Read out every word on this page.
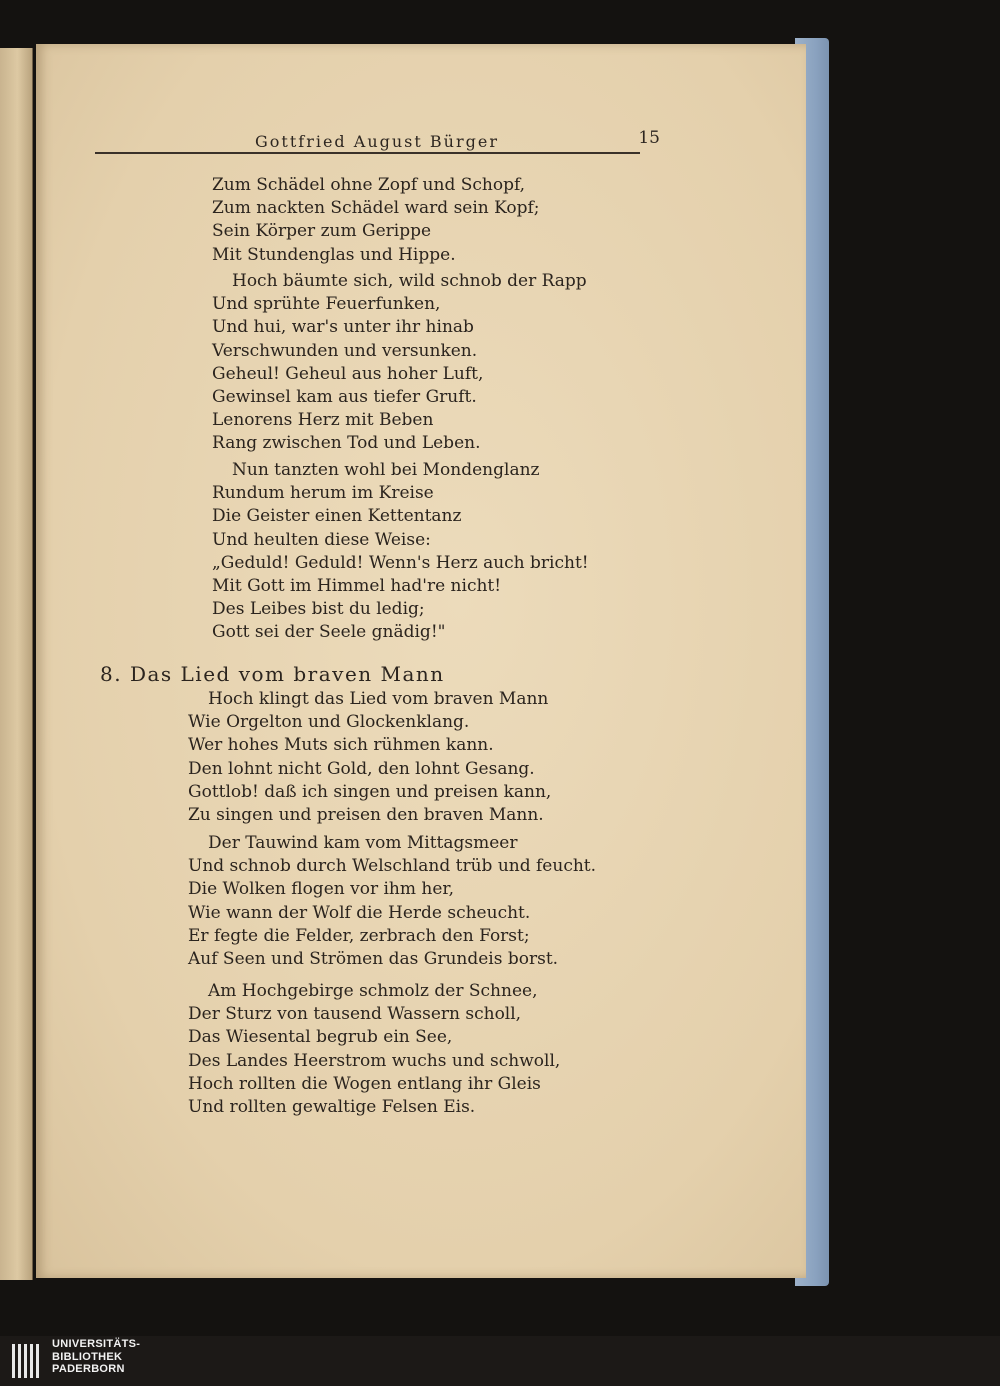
Gottfried August Bürger	15
Zum Schädel ohne Zopf und Schopf,
Zum nackten Schädel ward sein Kopf;
Sein Körper zum Gerippe
Mit Stundenglas und Hippe.
Hoch bäumte sich, wild schnob der Rapp
Und sprühte Feuerfunken,
Und hui, war's unter ihr hinab
Verschwunden und versunken.
Geheul! Geheul aus hoher Luft,
Gewinsel kam aus tiefer Gruft.
Lenorens Herz mit Beben
Rang zwischen Tod und Leben.
Nun tanzten wohl bei Mondenglanz
Rundum herum im Kreise
Die Geister einen Kettentanz
Und heulten diese Weise:
„Geduld! Geduld! Wenn's Herz auch bricht!
Mit Gott im Himmel had're nicht!
Des Leibes bist du ledig;
Gott sei der Seele gnädig!"
8. Das Lied vom braven Mann
Hoch klingt das Lied vom braven Mann
Wie Orgelton und Glockenklang.
Wer hohes Muts sich rühmen kann.
Den lohnt nicht Gold, den lohnt Gesang.
Gottlob! daß ich singen und preisen kann,
Zu singen und preisen den braven Mann.
Der Tauwind kam vom Mittagsmeer
Und schnob durch Welschland trüb und feucht.
Die Wolken flogen vor ihm her,
Wie wann der Wolf die Herde scheucht.
Er fegte die Felder, zerbrach den Forst;
Auf Seen und Strömen das Grundeis borst.
Am Hochgebirge schmolz der Schnee,
Der Sturz von tausend Wassern scholl,
Das Wiesental begrub ein See,
Des Landes Heerstrom wuchs und schwoll,
Hoch rollten die Wogen entlang ihr Gleis
Und rollten gewaltige Felsen Eis.
UNIVERSITÄTS-
BIBLIOTHEK
PADERBORN
